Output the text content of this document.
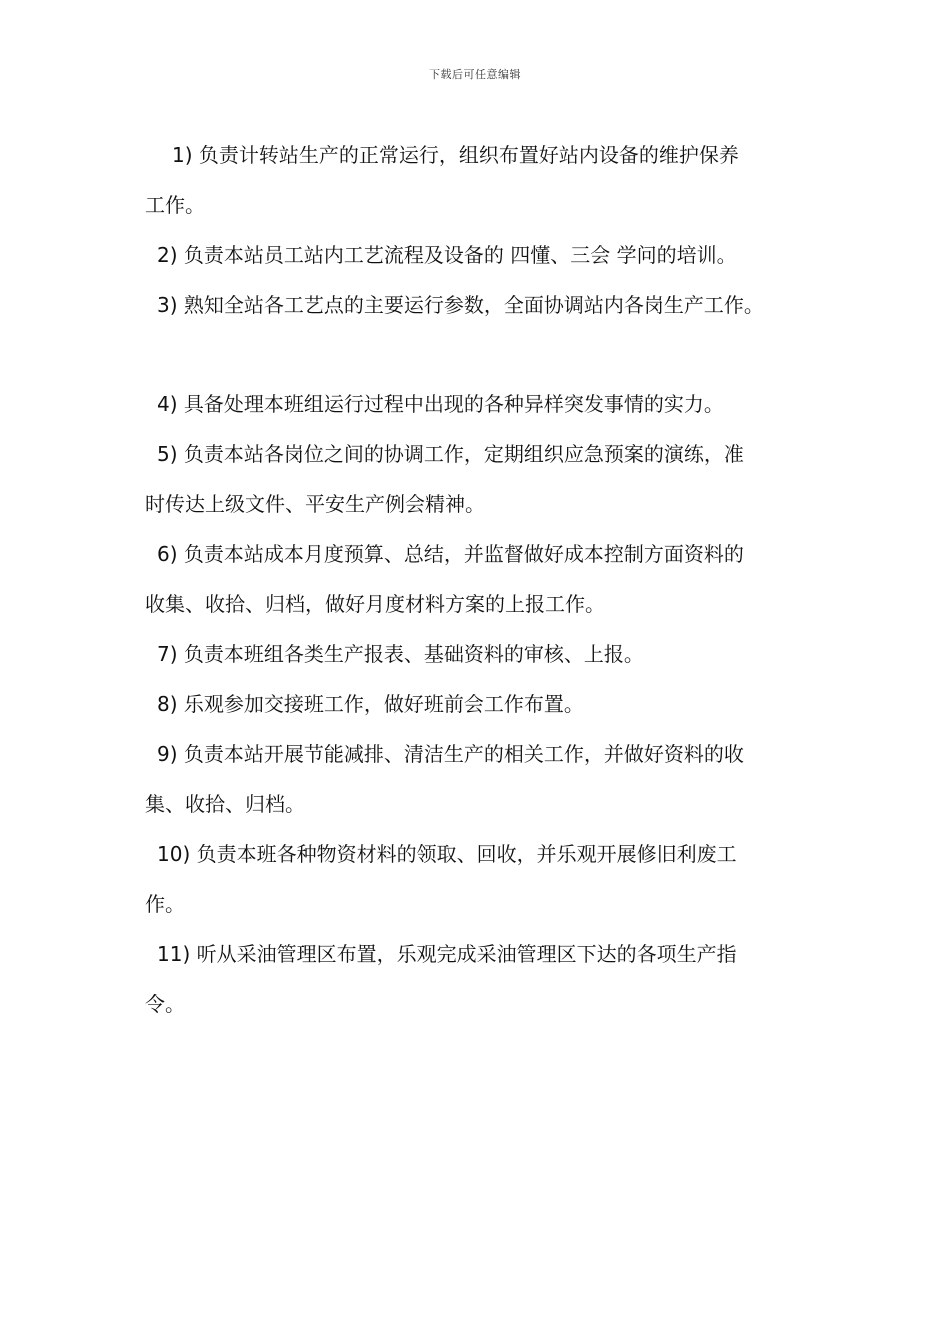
下载后可任意编辑

1) 负责计转站生产的正常运行，组织布置好站内设备的维护保养
工作。

2) 负责本站员工站内工艺流程及设备的 四懂、三会 学问的培训。

3) 熟知全站各工艺点的主要运行参数，全面协调站内各岗生产工作。

4) 具备处理本班组运行过程中出现的各种异样突发事情的实力。

5) 负责本站各岗位之间的协调工作，定期组织应急预案的演练，准
时传达上级文件、平安生产例会精神。

6) 负责本站成本月度预算、总结，并监督做好成本控制方面资料的
收集、收拾、归档，做好月度材料方案的上报工作。

7) 负责本班组各类生产报表、基础资料的审核、上报。

8) 乐观参加交接班工作，做好班前会工作布置。

9) 负责本站开展节能减排、清洁生产的相关工作，并做好资料的收
集、收拾、归档。

10) 负责本班各种物资材料的领取、回收，并乐观开展修旧利废工
作。

11) 听从采油管理区布置，乐观完成采油管理区下达的各项生产指
令。
